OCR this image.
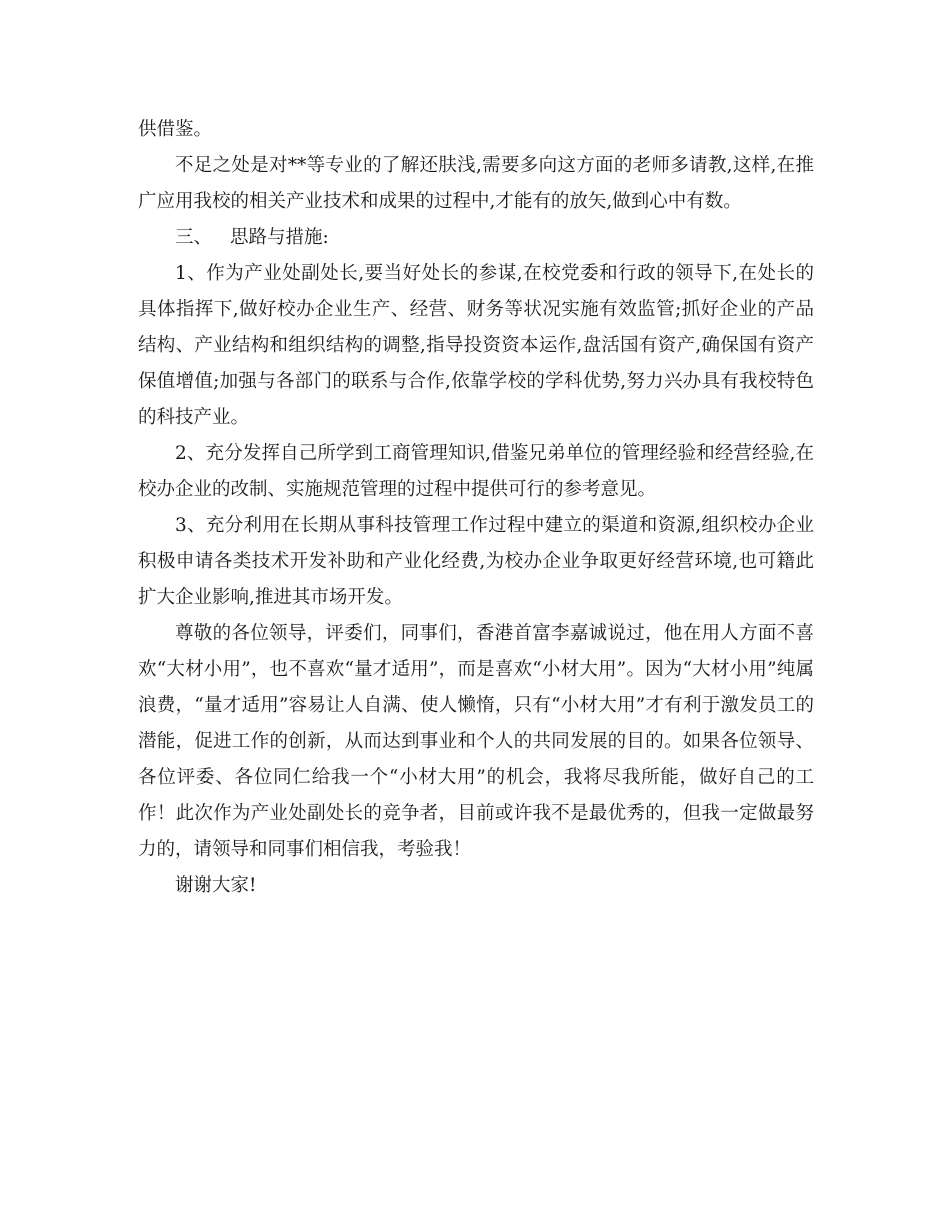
供借鉴。

不足之处是对**等专业的了解还肤浅,需要多向这方面的老师多请教,这样,在推广应用我校的相关产业技术和成果的过程中,才能有的放矢,做到心中有数。

三、 思路与措施:

1、作为产业处副处长,要当好处长的参谋,在校党委和行政的领导下,在处长的具体指挥下,做好校办企业生产、经营、财务等状况实施有效监管;抓好企业的产品结构、产业结构和组织结构的调整,指导投资资本运作,盘活国有资产,确保国有资产保值增值;加强与各部门的联系与合作,依靠学校的学科优势,努力兴办具有我校特色的科技产业。

2、充分发挥自己所学到工商管理知识,借鉴兄弟单位的管理经验和经营经验,在校办企业的改制、实施规范管理的过程中提供可行的参考意见。

3、充分利用在长期从事科技管理工作过程中建立的渠道和资源,组织校办企业积极申请各类技术开发补助和产业化经费,为校办企业争取更好经营环境,也可籍此扩大企业影响,推进其市场开发。

尊敬的各位领导，评委们，同事们，香港首富李嘉诚说过，他在用人方面不喜欢“大材小用”，也不喜欢“量才适用”，而是喜欢“小材大用”。因为“大材小用”纯属浪费，“量才适用”容易让人自满、使人懒惰，只有“小材大用”才有利于激发员工的潜能，促进工作的创新，从而达到事业和个人的共同发展的目的。如果各位领导、各位评委、各位同仁给我一个“小材大用”的机会，我将尽我所能，做好自己的工作！此次作为产业处副处长的竞争者，目前或许我不是最优秀的，但我一定做最努力的，请领导和同事们相信我，考验我！

谢谢大家!
